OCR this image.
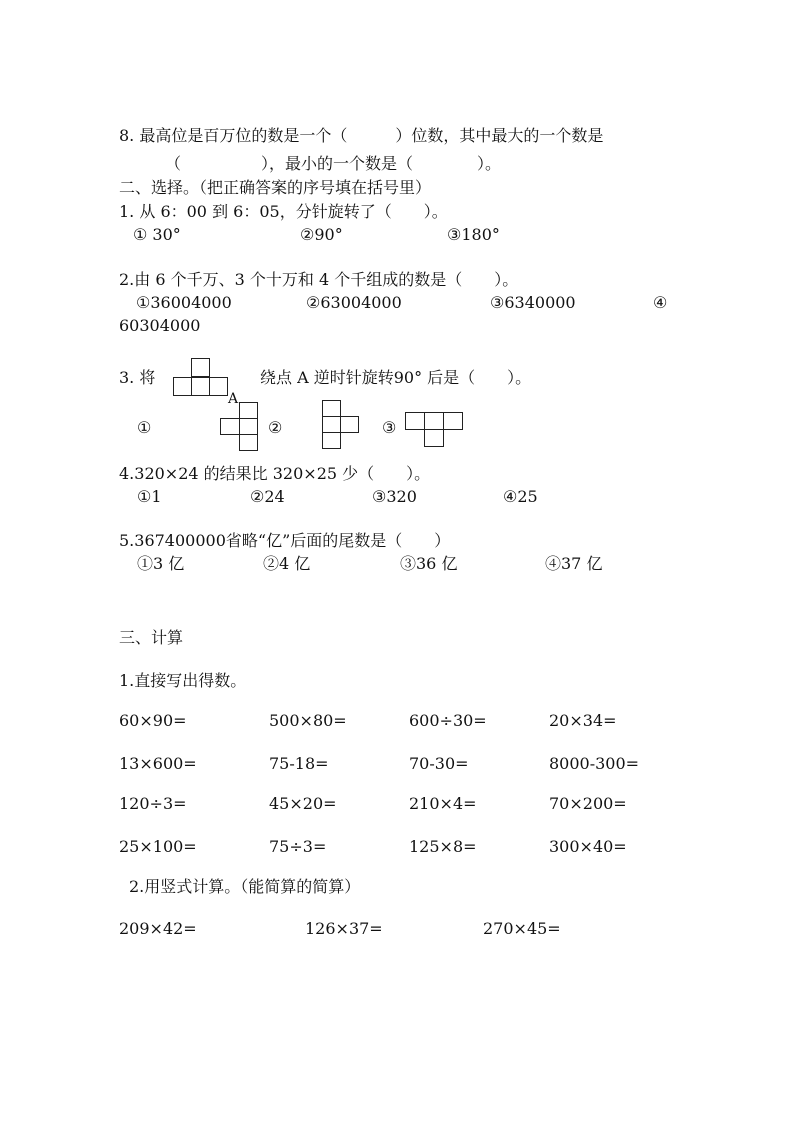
8. 最高位是百万位的数是一个（　　　）位数，其中最大的一个数是
（　　　　　），最小的一个数是（　　　　）。
二、选择。（把正确答案的序号填在括号里）
1. 从 6：00 到 6：05，分针旋转了（　　）。
① 30°	②90°	③180°
2.由 6 个千万、3 个十万和 4 个千组成的数是（　　）。
①36004000	②63004000	③6340000	④
60304000
3. 将
A
绕点 A 逆时针旋转90° 后是（　　）。
①	②	③
4.320×24 的结果比 320×25 少（　　）。
①1	②24	③320	④25
5.367400000省略“亿”后面的尾数是（　　）
①3 亿	②4 亿	③36 亿	④37 亿
三、计算
1.直接写出得数。
60×90=	500×80=	600÷30=	20×34=
13×600=	75-18=	70-30=	8000-300=
120÷3=	45×20=	210×4=	70×200=
25×100=	75÷3=	125×8=	300×40=
2.用竖式计算。（能简算的简算）
209×42=	126×37=	270×45=
